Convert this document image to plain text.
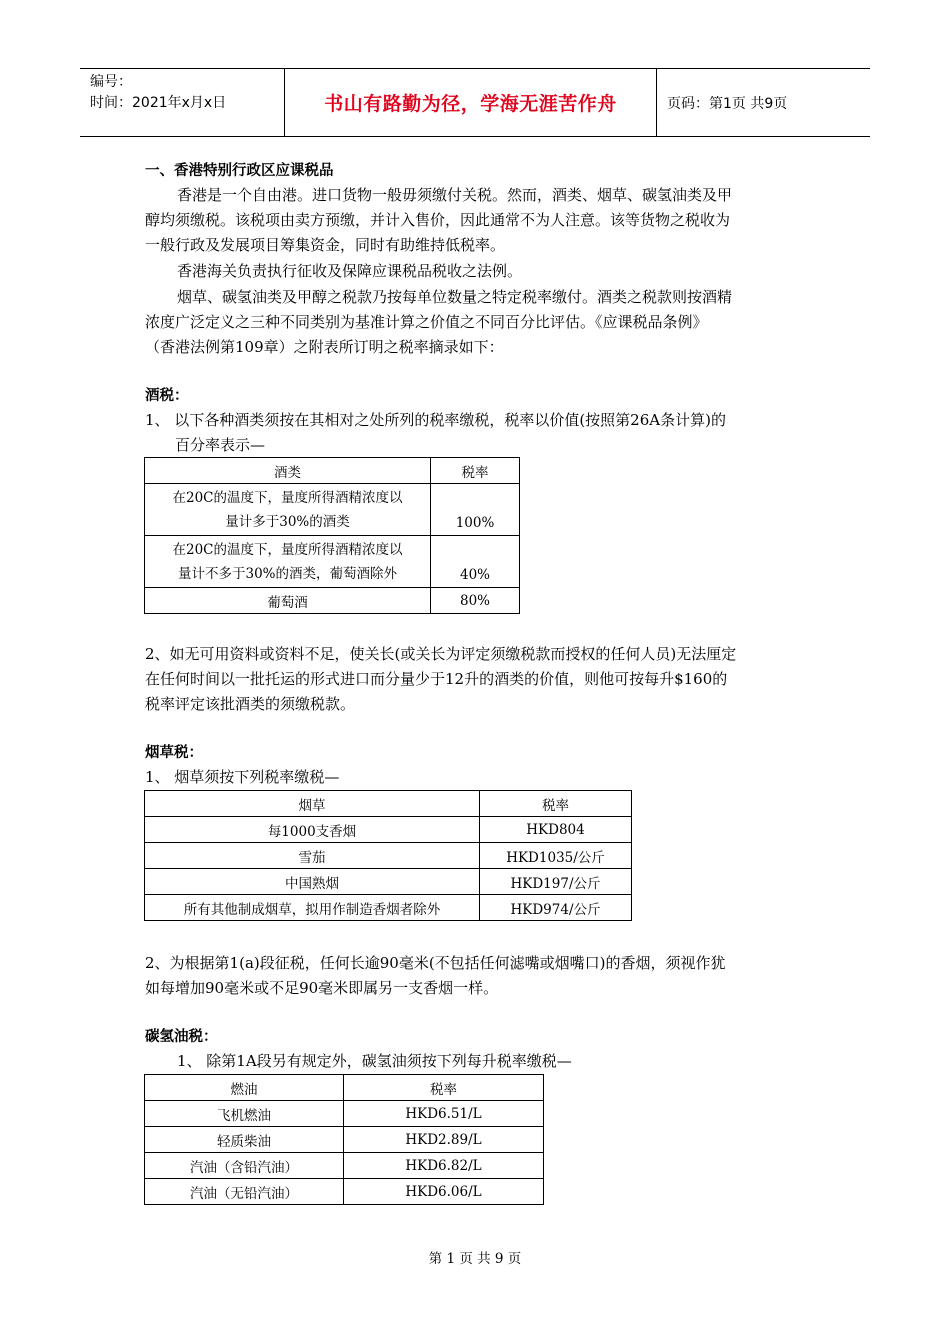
编号：
时间：2021年x月x日	书山有路勤为径，学海无涯苦作舟	页码：第1页 共9页
一、香港特别行政区应课税品
香港是一个自由港。进口货物一般毋须缴付关税。然而，酒类、烟草、碳氢油类及甲
醇均须缴税。该税项由卖方预缴，并计入售价，因此通常不为人注意。该等货物之税收为
一般行政及发展项目筹集资金，同时有助维持低税率。
香港海关负责执行征收及保障应课税品税收之法例。
烟草、碳氢油类及甲醇之税款乃按每单位数量之特定税率缴付。酒类之税款则按酒精
浓度广泛定义之三种不同类别为基准计算之价值之不同百分比评估。《应课税品条例》
（香港法例第109章）之附表所订明之税率摘录如下：
酒税：
1、 以下各种酒类须按在其相对之处所列的税率缴税，税率以价值(按照第26A条计算)的
百分率表示—
酒类	税率

在20C的温度下，量度所得酒精浓度以
量计多于30%的酒类	100%

在20C的温度下，量度所得酒精浓度以
量计不多于30%的酒类，葡萄酒除外	40%
葡萄酒	80%
2、如无可用资料或资料不足，使关长(或关长为评定须缴税款而授权的任何人员)无法厘定
在任何时间以一批托运的形式进口而分量少于12升的酒类的价值，则他可按每升$160的
税率评定该批酒类的须缴税款。
烟草税：
1、 烟草须按下列税率缴税—
烟草	税率
每1000支香烟	HKD804
雪茄	HKD1035/公斤
中国熟烟	HKD197/公斤
所有其他制成烟草，拟用作制造香烟者除外	HKD974/公斤
2、为根据第1(a)段征税，任何长逾90毫米(不包括任何滤嘴或烟嘴口)的香烟，须视作犹
如每增加90毫米或不足90毫米即属另一支香烟一样。
碳氢油税：
1、 除第1A段另有规定外，碳氢油须按下列每升税率缴税—
燃油	税率
飞机燃油	HKD6.51/L
轻质柴油	HKD2.89/L
汽油（含铅汽油）	HKD6.82/L
汽油（无铅汽油）	HKD6.06/L
第 1 页 共 9 页
